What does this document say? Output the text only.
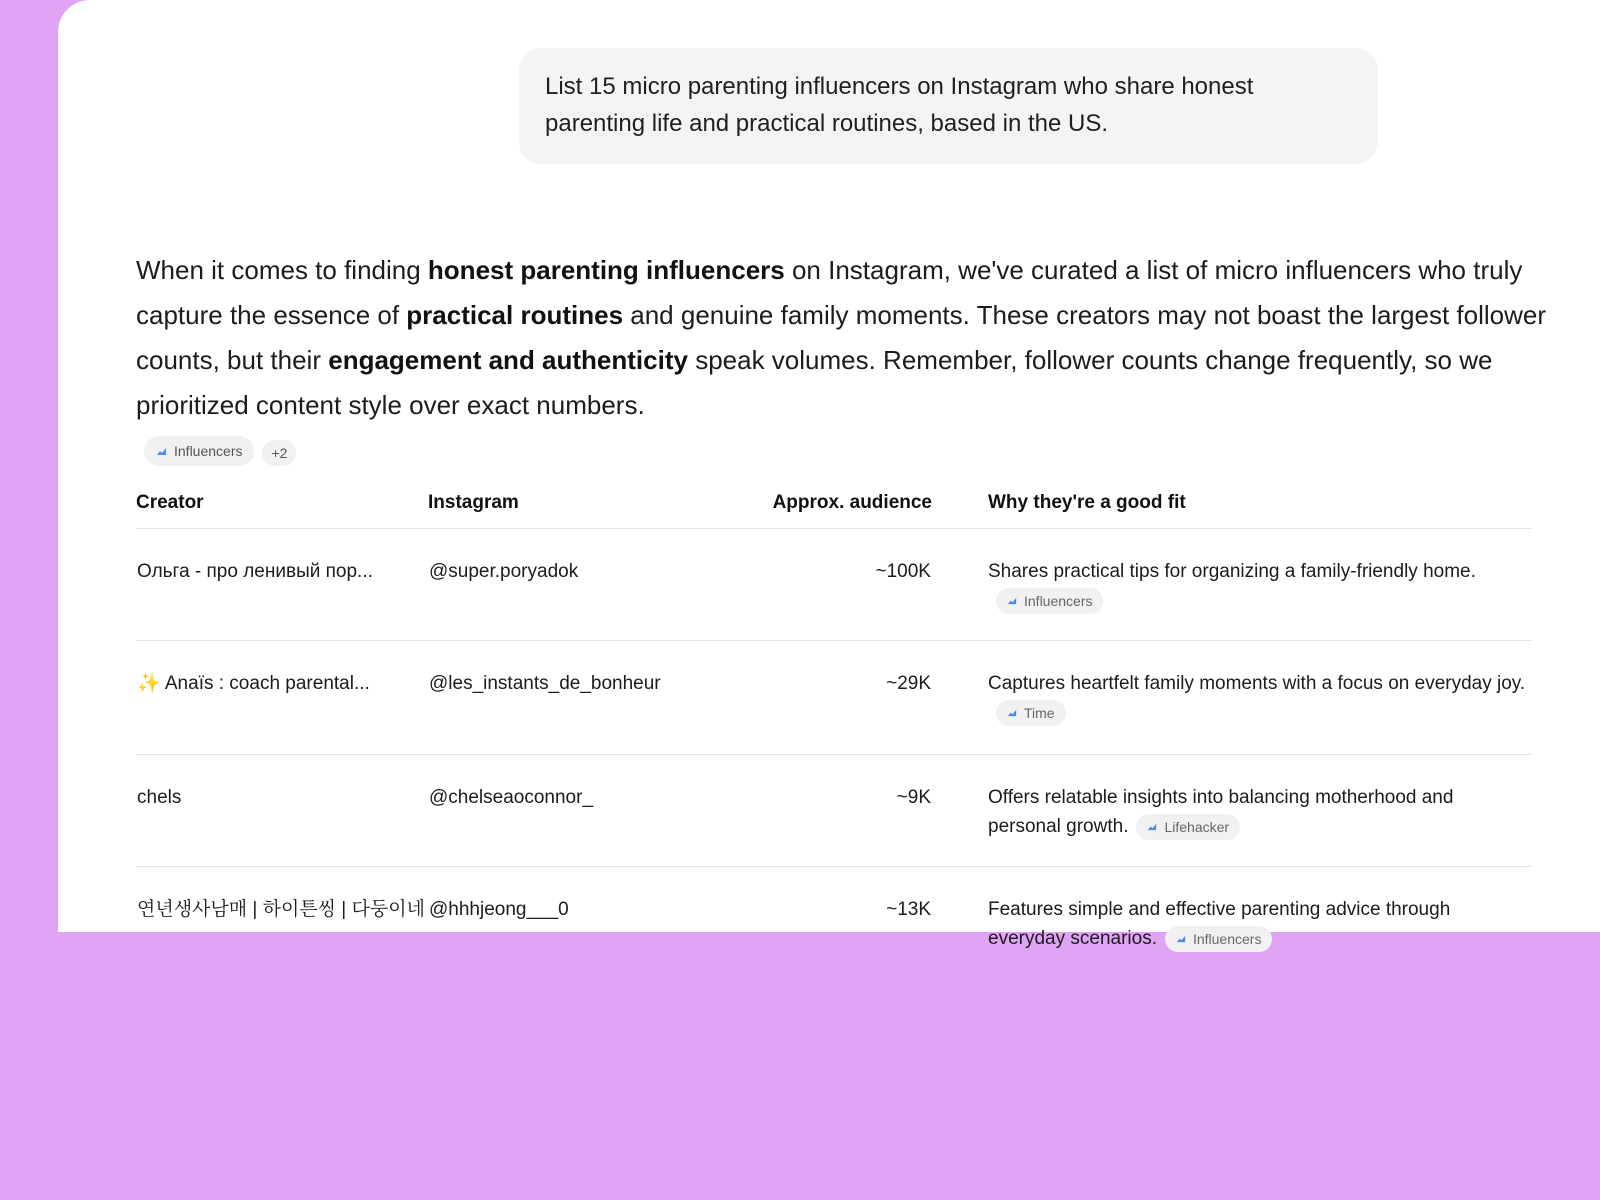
List 15 micro parenting influencers on Instagram who share honest parenting life and practical routines, based in the US.
When it comes to finding honest parenting influencers on Instagram, we've curated a list of micro influencers who truly capture the essence of practical routines and genuine family moments. These creators may not boast the largest follower counts, but their engagement and authenticity speak volumes. Remember, follower counts change frequently, so we prioritized content style over exact numbers.
Influencers +2
Creator	Instagram	Approx. audience	Why they're a good fit
Ольга - про ленивый пор...	@super.poryadok	~100K	Shares practical tips for organizing a family-friendly home.
Influencers

✨ Anaïs : coach parental...	@les_instants_de_bonheur	~29K	Captures heartfelt family moments with a focus on everyday joy.
Time

chels	@chelseaoconnor_	~9K	Offers relatable insights into balancing motherhood and personal growth. Lifehacker

연년생사남매 | 하이튼씽 | 다둥이네	@hhhjeong___0	~13K	Features simple and effective parenting advice through everyday scenarios. Influencers
